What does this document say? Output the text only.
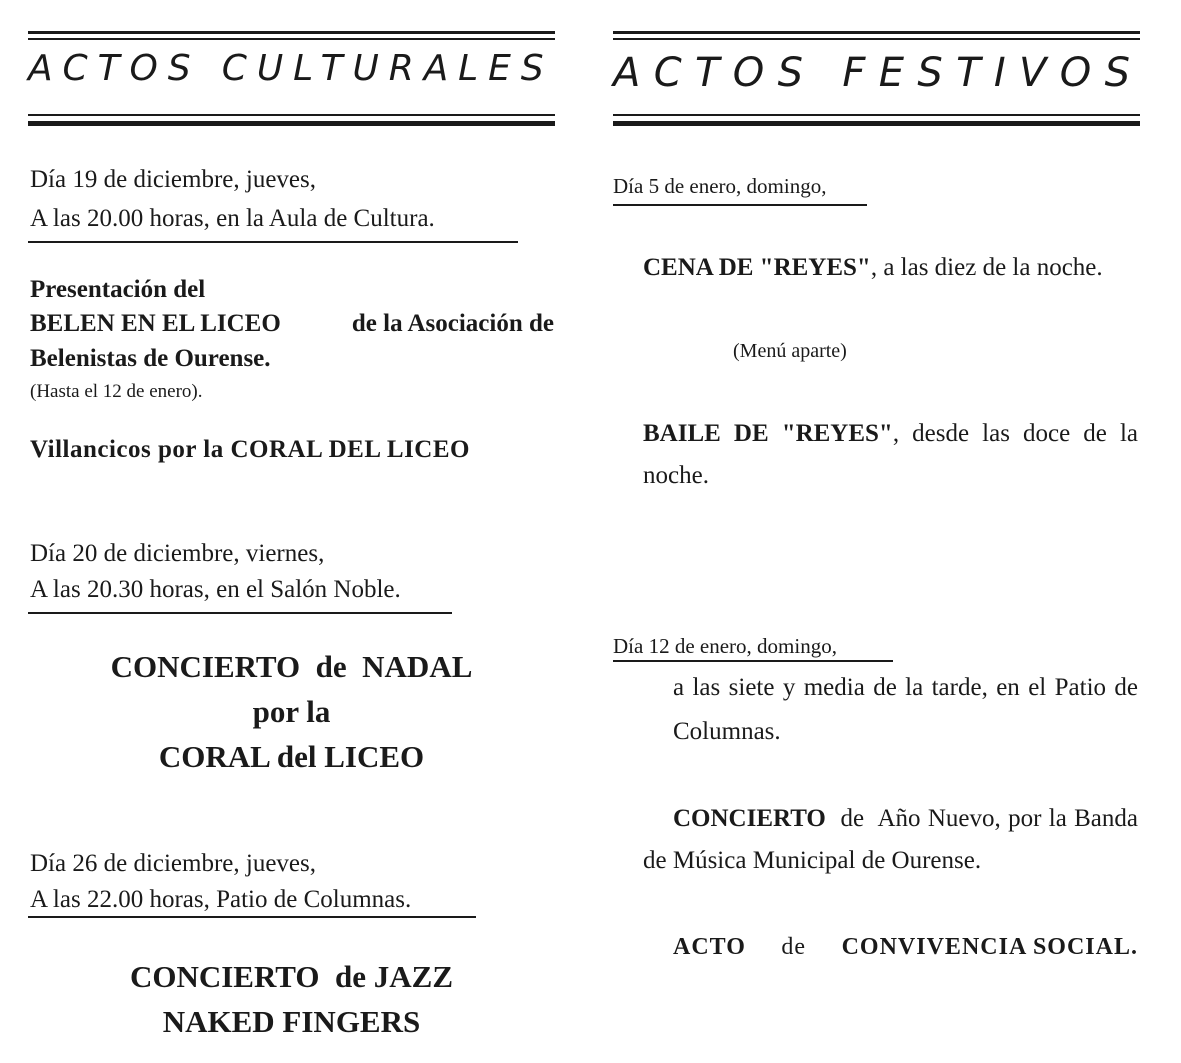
ACTOS CULTURALES

Día 19 de diciembre, jueves,

A las 20.00 horas, en la Aula de Cultura.

Presentación del

BELEN EN EL LICEO	de la Asociación de

Belenistas de Ourense.

(Hasta el 12 de enero).

Villancicos por la CORAL DEL LICEO

Día 20 de diciembre, viernes,

A las 20.30 horas, en el Salón Noble.

CONCIERTO  de  NADAL
por la
CORAL del LICEO

Día 26 de diciembre, jueves,

A las 22.00 horas, Patio de Columnas.

CONCIERTO  de JAZZ
NAKED FINGERS
ACTOS FESTIVOS

Día 5 de enero, domingo,

CENA DE "REYES", a las diez de la noche.

(Menú aparte)

BAILE DE "REYES", desde las doce de la noche.

Día 12 de enero, domingo,

a las siete y media de la tarde, en el Patio de Columnas.

CONCIERTO  de  Año Nuevo, por la Banda de Música Municipal de Ourense.

ACTO de CONVIVENCIA SOCIAL.
